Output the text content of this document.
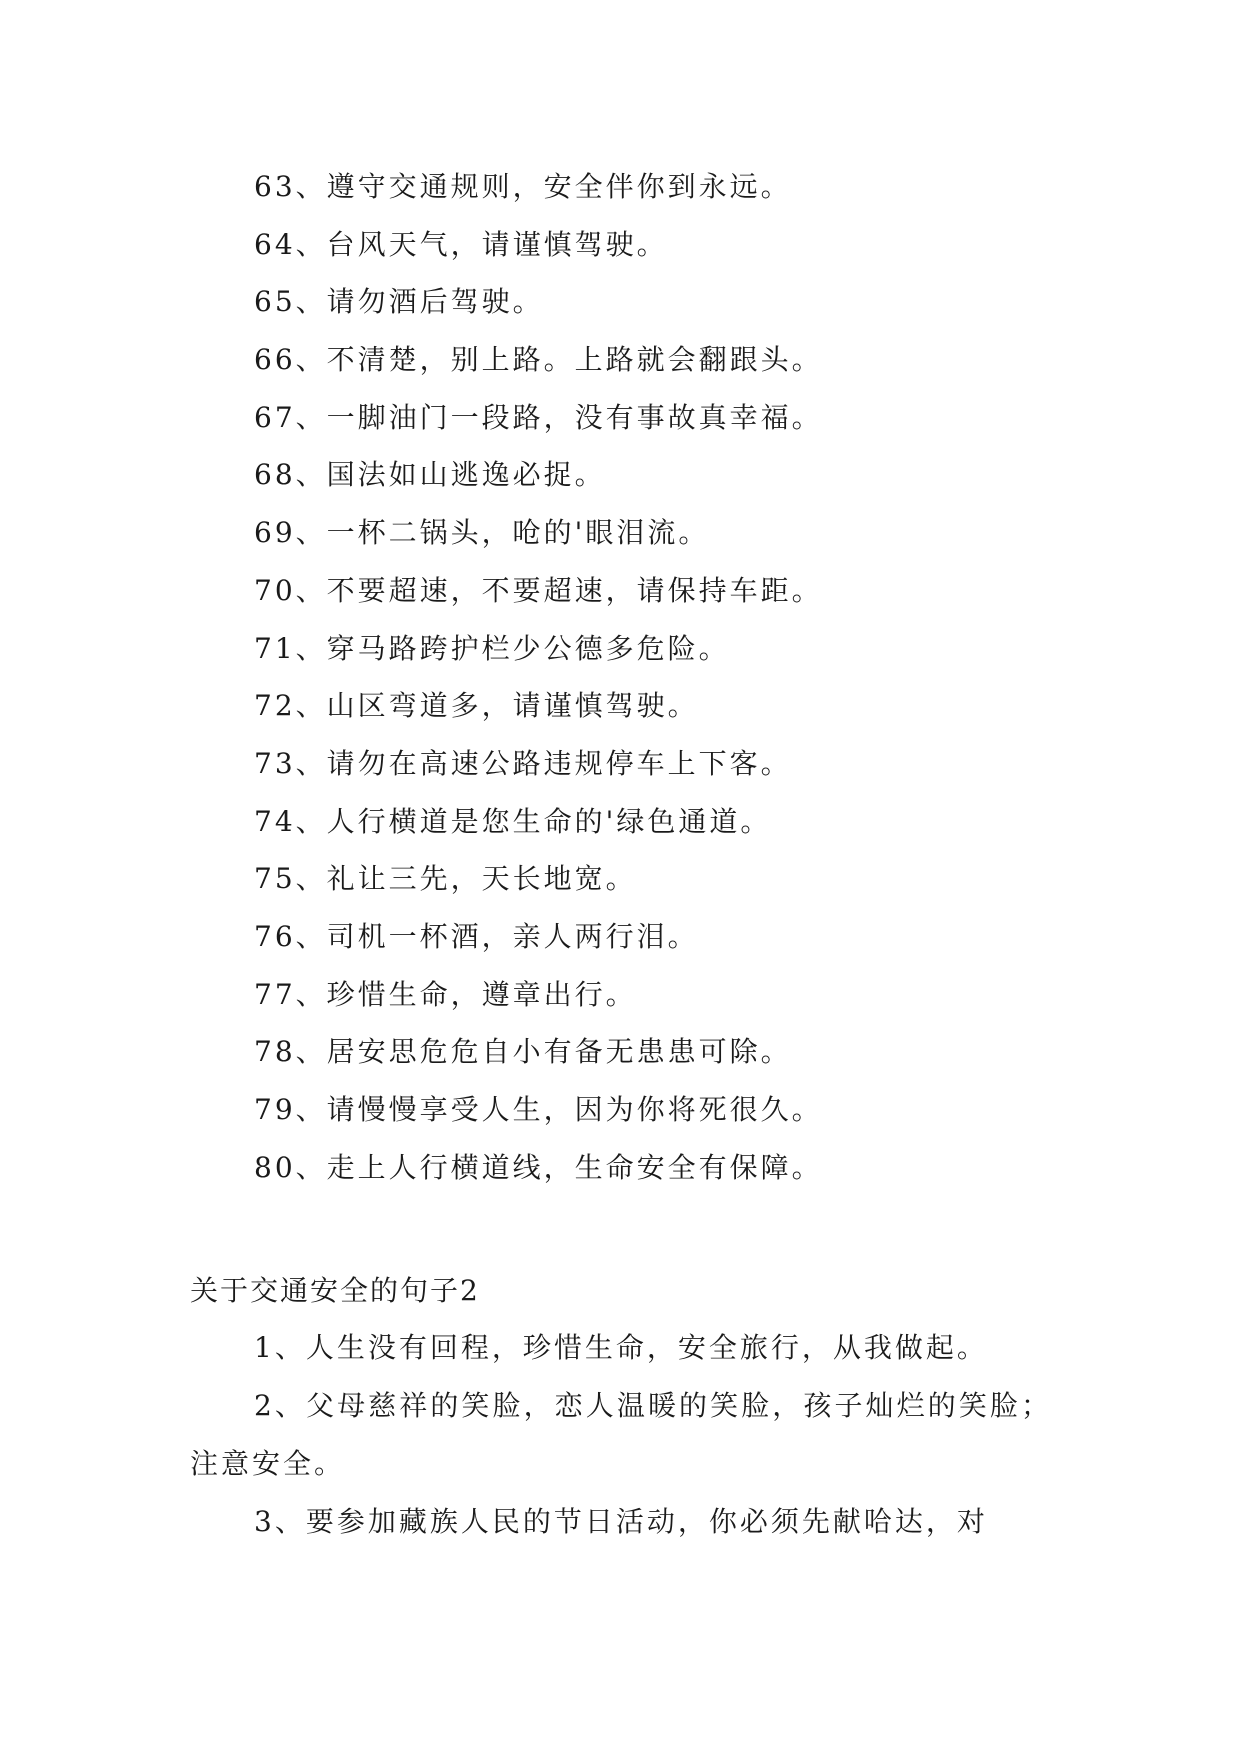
63、遵守交通规则，安全伴你到永远。
64、台风天气，请谨慎驾驶。
65、请勿酒后驾驶。
66、不清楚，别上路。上路就会翻跟头。
67、一脚油门一段路，没有事故真幸福。
68、国法如山逃逸必捉。
69、一杯二锅头，呛的'眼泪流。
70、不要超速，不要超速，请保持车距。
71、穿马路跨护栏少公德多危险。
72、山区弯道多，请谨慎驾驶。
73、请勿在高速公路违规停车上下客。
74、人行横道是您生命的'绿色通道。
75、礼让三先，天长地宽。
76、司机一杯酒，亲人两行泪。
77、珍惜生命，遵章出行。
78、居安思危危自小有备无患患可除。
79、请慢慢享受人生，因为你将死很久。
80、走上人行横道线，生命安全有保障。
关于交通安全的句子2

1、人生没有回程，珍惜生命，安全旅行，从我做起。

2、父母慈祥的笑脸，恋人温暖的笑脸，孩子灿烂的笑脸；注意安全。

3、要参加藏族人民的节日活动，你必须先献哈达，对
